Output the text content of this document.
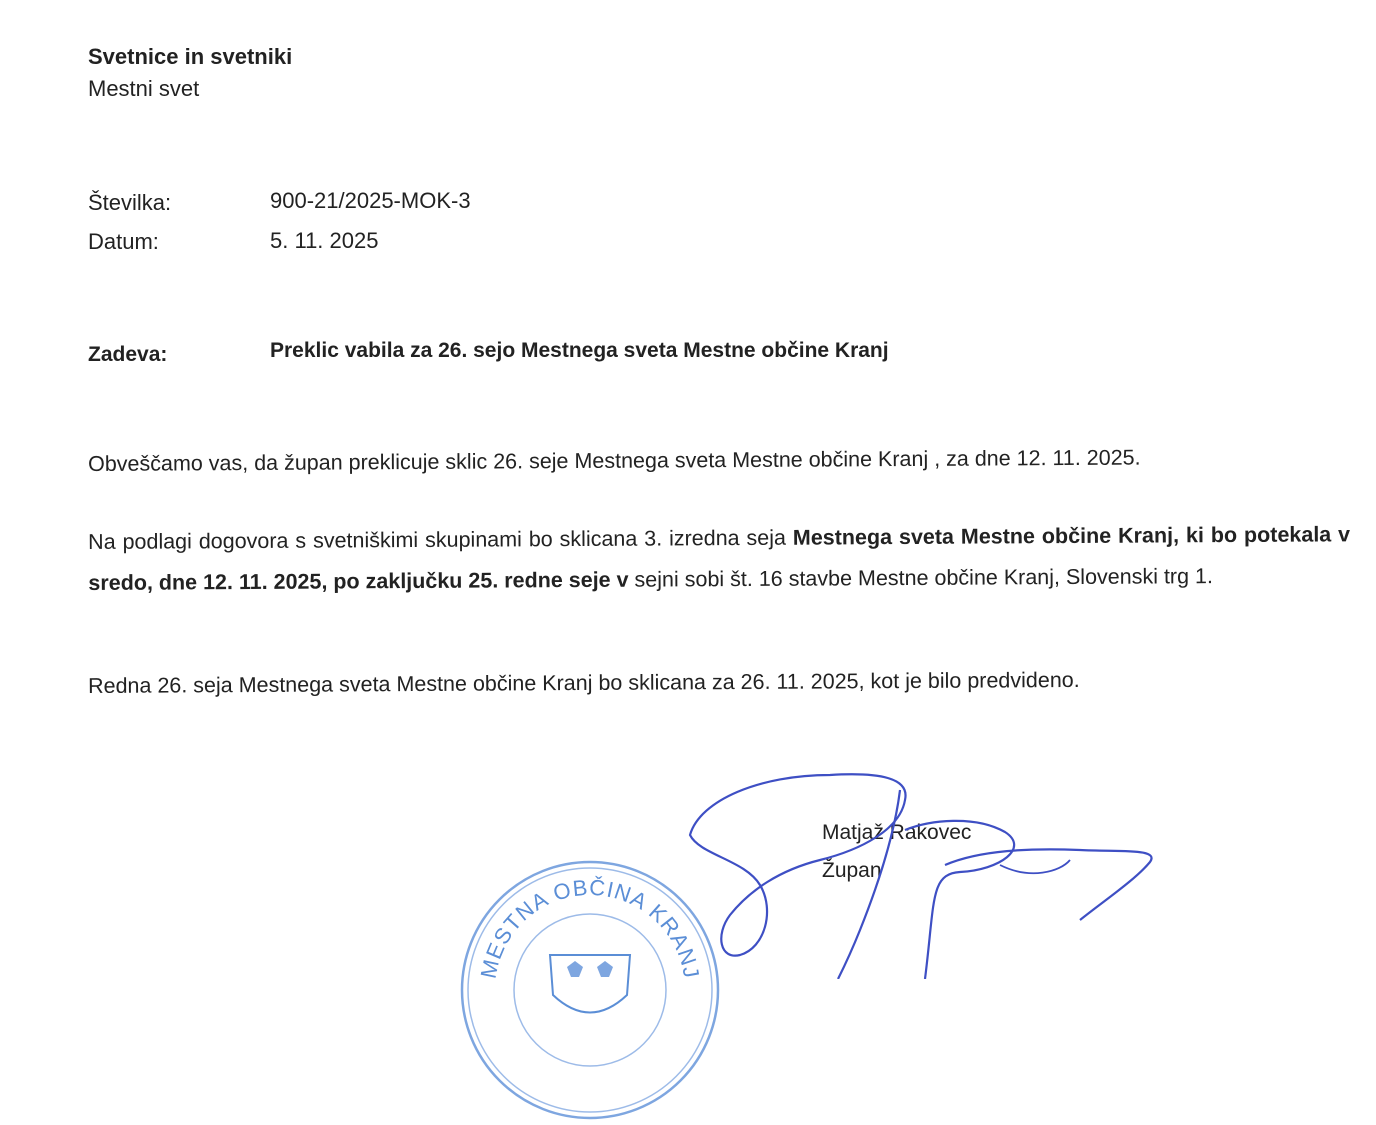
Svetnice in svetniki
Mestni svet
Številka:	900-21/2025-MOK-3
Datum:	5. 11. 2025
Zadeva:	Preklic vabila za 26. sejo Mestnega sveta Mestne občine Kranj
Obveščamo vas, da župan preklicuje sklic 26. seje Mestnega sveta Mestne občine Kranj , za dne 12. 11. 2025.
Na podlagi dogovora s svetniškimi skupinami bo sklicana 3. izredna seja Mestnega sveta Mestne občine Kranj, ki bo potekala v sredo, dne 12. 11. 2025, po zaključku 25. redne seje v sejni sobi št. 16 stavbe Mestne občine Kranj, Slovenski trg 1.
Redna 26. seja Mestnega sveta Mestne občine Kranj bo sklicana za 26. 11. 2025, kot je bilo predvideno.
MESTNA OBČINA KRANJ
Matjaž Rakovec
Župan
